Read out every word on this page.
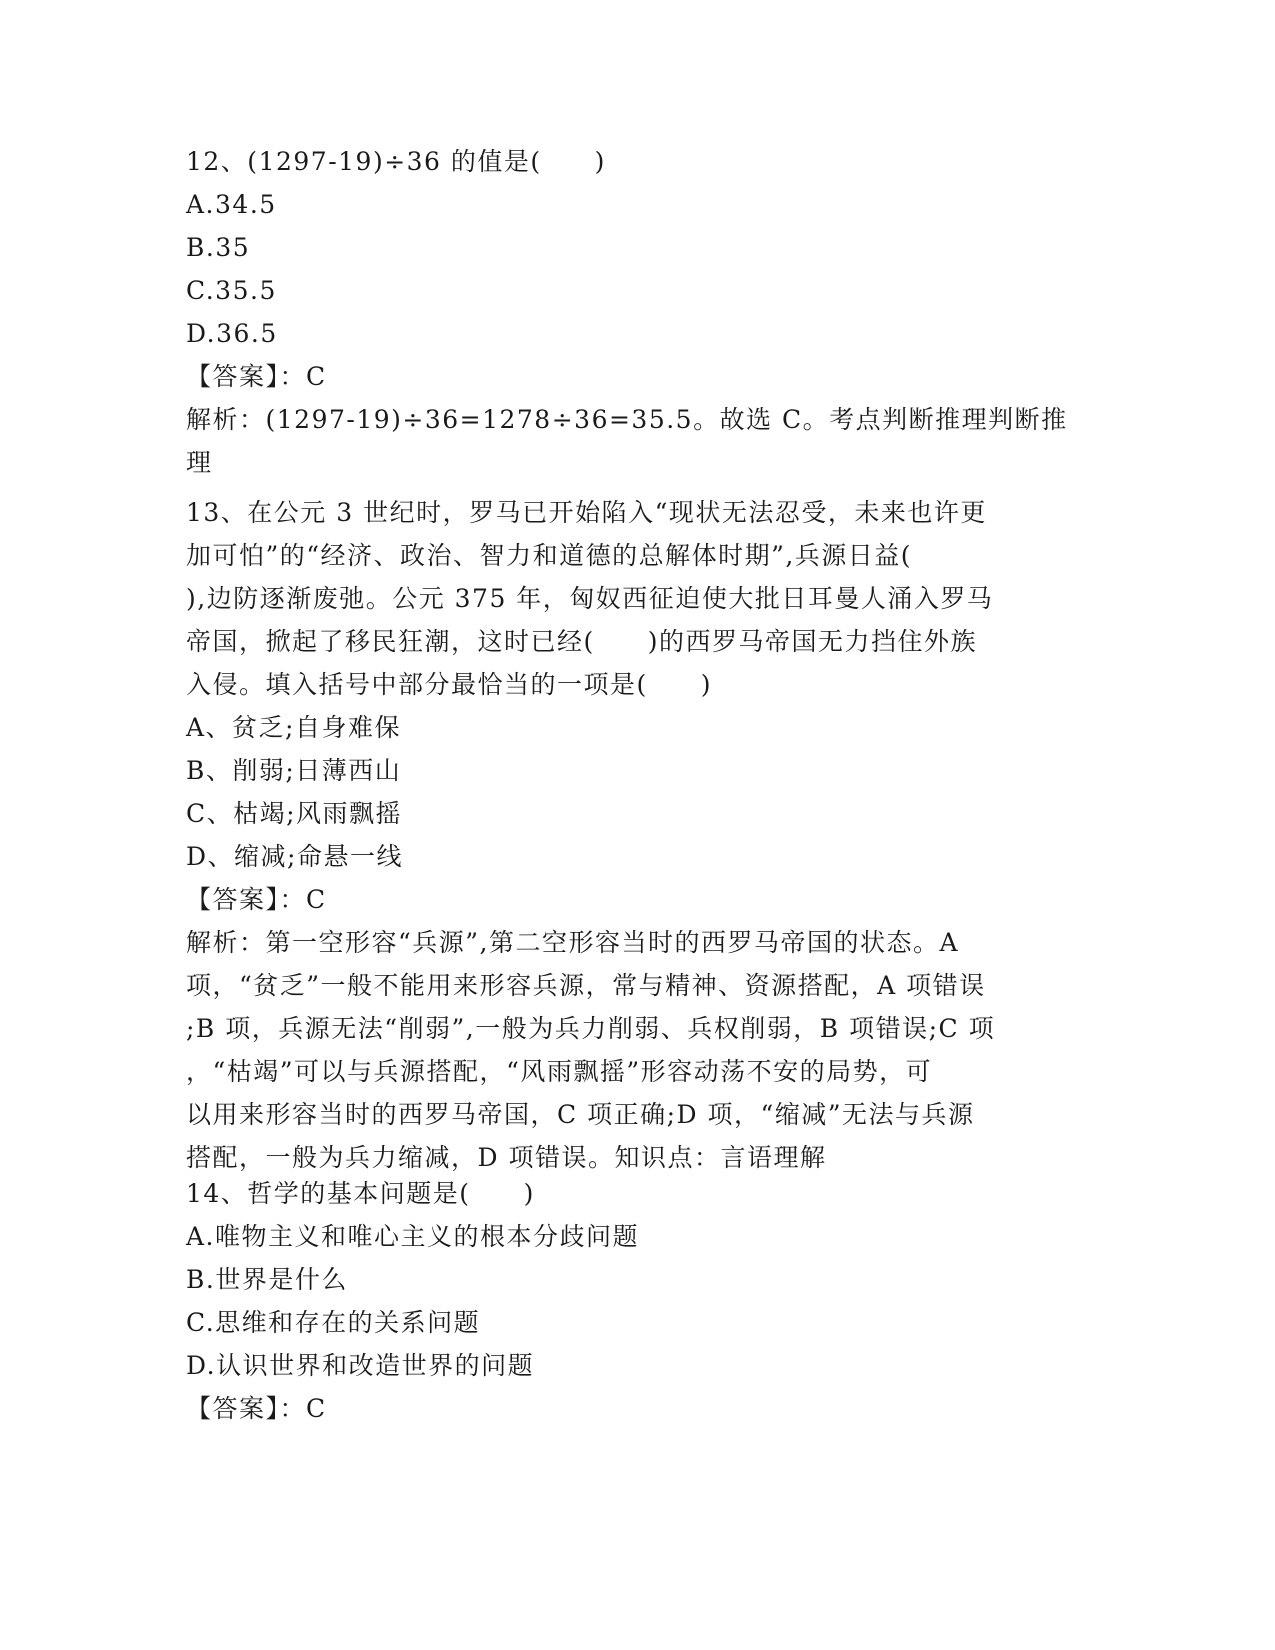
12、(1297-19)÷36 的值是(　　)
A.34.5
B.35
C.35.5
D.36.5
【答案】：C
解析：(1297-19)÷36=1278÷36=35.5。故选 C。考点判断推理判断推
理
13、在公元 3 世纪时，罗马已开始陷入“现状无法忍受，未来也许更
加可怕”的“经济、政治、智力和道德的总解体时期”,兵源日益(
),边防逐渐废弛。公元 375 年，匈奴西征迫使大批日耳曼人涌入罗马
帝国，掀起了移民狂潮，这时已经(　　)的西罗马帝国无力挡住外族
入侵。填入括号中部分最恰当的一项是(　　)
A、贫乏;自身难保
B、削弱;日薄西山
C、枯竭;风雨飘摇
D、缩减;命悬一线
【答案】：C
解析：第一空形容“兵源”,第二空形容当时的西罗马帝国的状态。A
项，“贫乏”一般不能用来形容兵源，常与精神、资源搭配，A 项错误
;B 项，兵源无法“削弱”,一般为兵力削弱、兵权削弱，B 项错误;C 项
，“枯竭”可以与兵源搭配，“风雨飘摇”形容动荡不安的局势，可
以用来形容当时的西罗马帝国，C 项正确;D 项，“缩减”无法与兵源
搭配，一般为兵力缩减，D 项错误。知识点：言语理解
14、哲学的基本问题是(　　)
A.唯物主义和唯心主义的根本分歧问题
B.世界是什么
C.思维和存在的关系问题
D.认识世界和改造世界的问题
【答案】：C
